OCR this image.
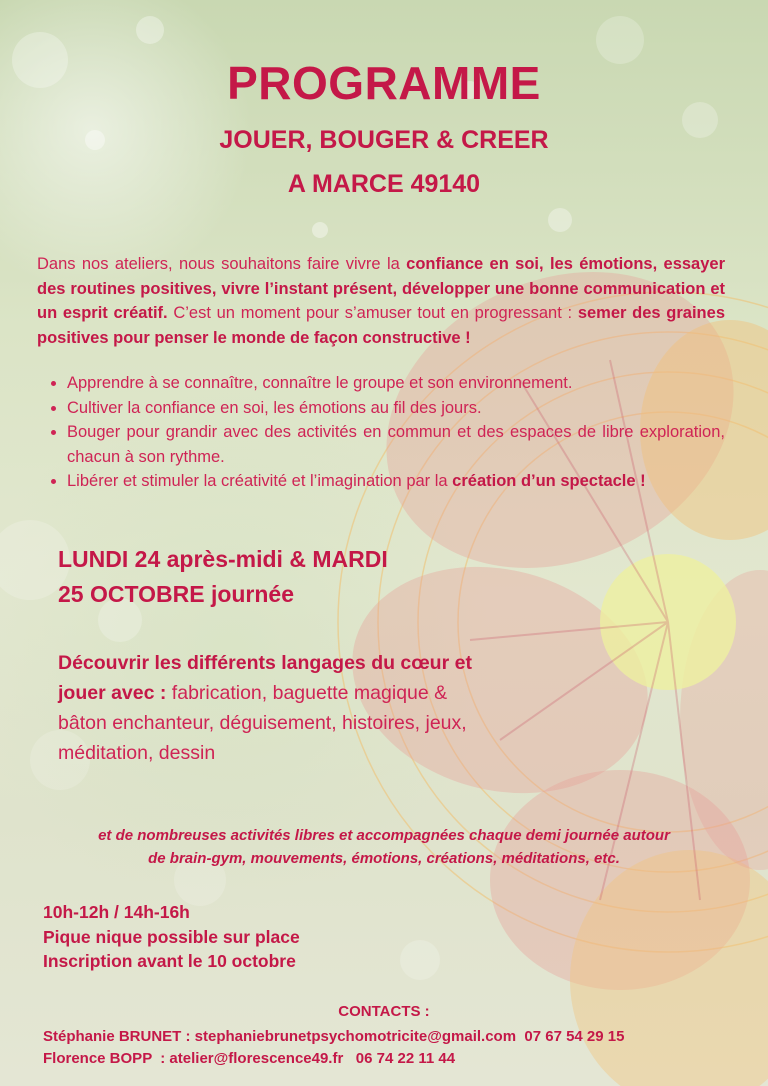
PROGRAMME
JOUER, BOUGER & CREER
A MARCE 49140
Dans nos ateliers, nous souhaitons faire vivre la confiance en soi, les émotions, essayer des routines positives, vivre l’instant présent, développer une bonne communication et un esprit créatif. C’est un moment pour s’amuser tout en progressant : semer des graines positives pour penser le monde de façon constructive !
• Apprendre à se connaître, connaître le groupe et son environnement.
• Cultiver la confiance en soi, les émotions au fil des jours.
• Bouger pour grandir avec des activités en commun et des espaces de libre exploration, chacun à son rythme.
• Libérer et stimuler la créativité et l’imagination par la création d’un spectacle !
LUNDI 24 après-midi & MARDI
25 OCTOBRE journée
Découvrir les différents langages du cœur et jouer avec : fabrication, baguette magique & bâton enchanteur, déguisement, histoires, jeux, méditation, dessin
et de nombreuses activités libres et accompagnées chaque demi journée autour
de brain-gym, mouvements, émotions, créations, méditations, etc.
10h-12h / 14h-16h
Pique nique possible sur place
Inscription avant le 10 octobre
CONTACTS :
Stéphanie BRUNET : stephaniebrunetpsychomotricite@gmail.com  07 67 54 29 15
Florence BOPP  : atelier@florescence49.fr   06 74 22 11 44
